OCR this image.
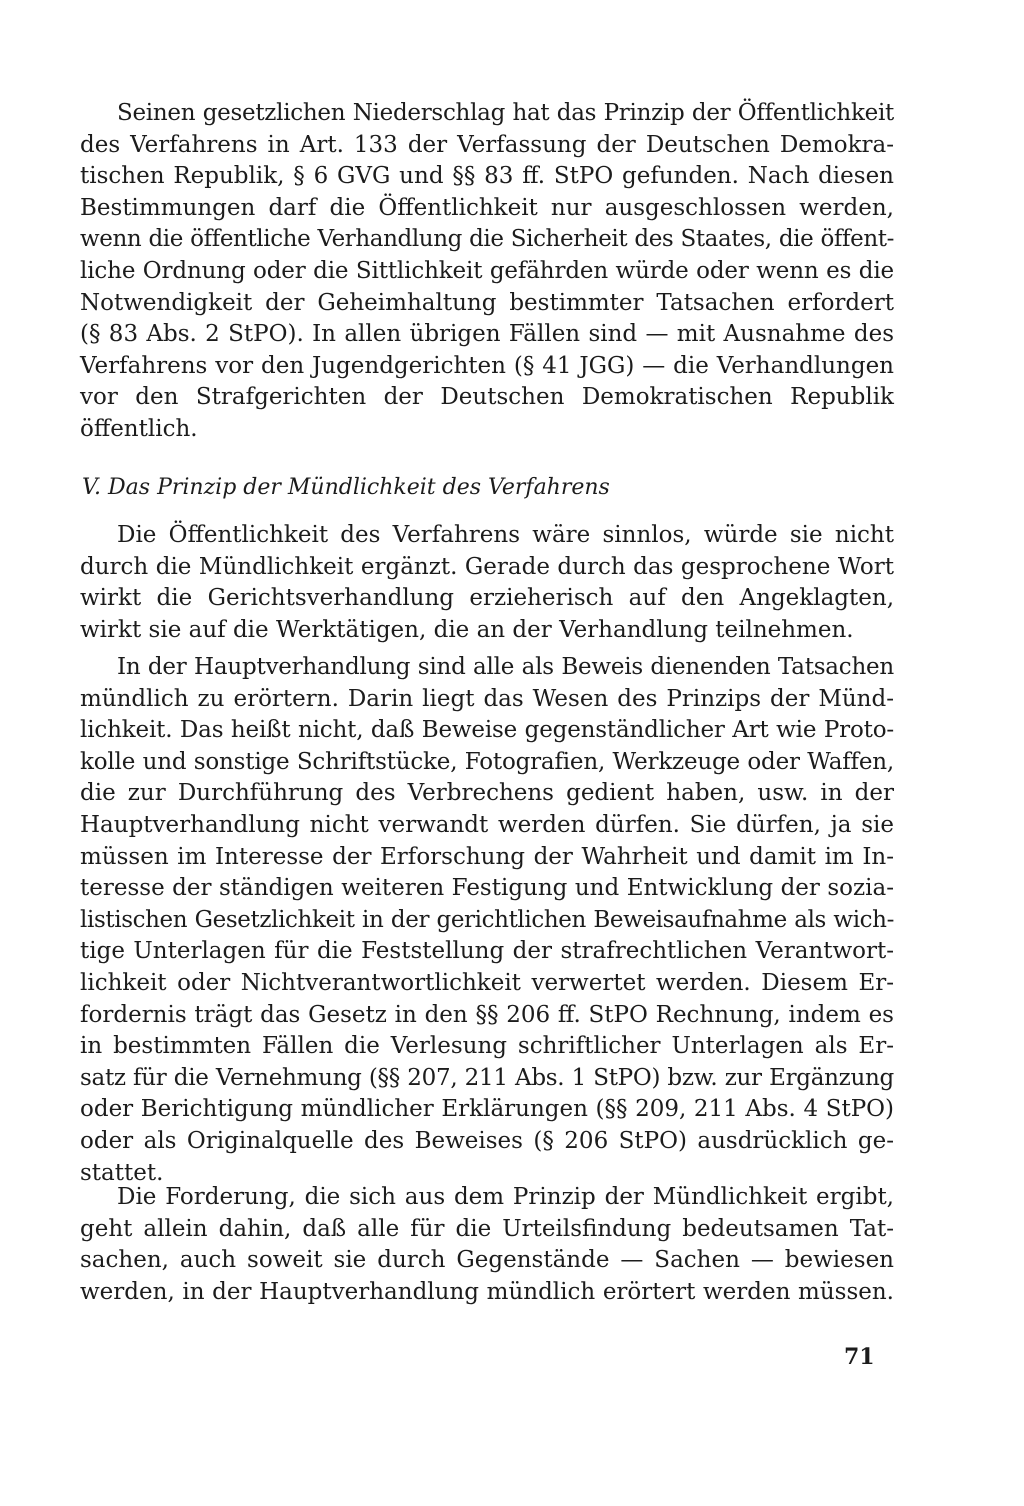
Seinen gesetzlichen Niederschlag hat das Prinzip der Öffentlichkeit
des Verfahrens in Art. 133 der Verfassung der Deutschen Demokra-
tischen Republik, § 6 GVG und §§ 83 ff. StPO gefunden. Nach diesen
Bestimmungen darf die Öffentlichkeit nur ausgeschlossen werden,
wenn die öffentliche Verhandlung die Sicherheit des Staates, die öffent-
liche Ordnung oder die Sittlichkeit gefährden würde oder wenn es die
Notwendigkeit der Geheimhaltung bestimmter Tatsachen erfordert
(§ 83 Abs. 2 StPO). In allen übrigen Fällen sind — mit Ausnahme des
Verfahrens vor den Jugendgerichten (§ 41 JGG) — die Verhandlungen
vor den Strafgerichten der Deutschen Demokratischen Republik
öffentlich.
V. Das Prinzip der Mündlichkeit des Verfahrens
Die Öffentlichkeit des Verfahrens wäre sinnlos, würde sie nicht
durch die Mündlichkeit ergänzt. Gerade durch das gesprochene Wort
wirkt die Gerichtsverhandlung erzieherisch auf den Angeklagten,
wirkt sie auf die Werktätigen, die an der Verhandlung teilnehmen.
In der Hauptverhandlung sind alle als Beweis dienenden Tatsachen
mündlich zu erörtern. Darin liegt das Wesen des Prinzips der Münd-
lichkeit. Das heißt nicht, daß Beweise gegenständlicher Art wie Proto-
kolle und sonstige Schriftstücke, Fotografien, Werkzeuge oder Waffen,
die zur Durchführung des Verbrechens gedient haben, usw. in der
Hauptverhandlung nicht verwandt werden dürfen. Sie dürfen, ja sie
müssen im Interesse der Erforschung der Wahrheit und damit im In-
teresse der ständigen weiteren Festigung und Entwicklung der sozia-
listischen Gesetzlichkeit in der gerichtlichen Beweisaufnahme als wich-
tige Unterlagen für die Feststellung der strafrechtlichen Verantwort-
lichkeit oder Nichtverantwortlichkeit verwertet werden. Diesem Er-
fordernis trägt das Gesetz in den §§ 206 ff. StPO Rechnung, indem es
in bestimmten Fällen die Verlesung schriftlicher Unterlagen als Er-
satz für die Vernehmung (§§ 207, 211 Abs. 1 StPO) bzw. zur Ergänzung
oder Berichtigung mündlicher Erklärungen (§§ 209, 211 Abs. 4 StPO)
oder als Originalquelle des Beweises (§ 206 StPO) ausdrücklich ge-
stattet.
Die Forderung, die sich aus dem Prinzip der Mündlichkeit ergibt,
geht allein dahin, daß alle für die Urteilsfindung bedeutsamen Tat-
sachen, auch soweit sie durch Gegenstände — Sachen — bewiesen
werden, in der Hauptverhandlung mündlich erörtert werden müssen.
71
